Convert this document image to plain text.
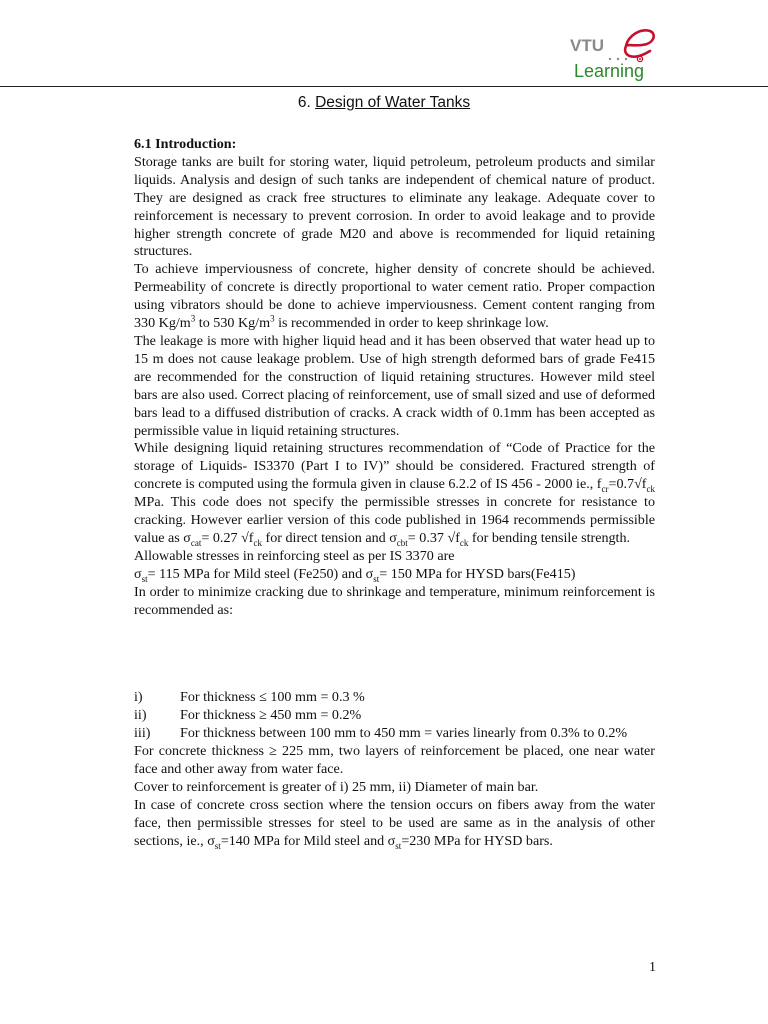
VTU
Learning
6. Design of Water Tanks

6.1 Introduction:

Storage tanks are built for storing water, liquid petroleum, petroleum products and similar liquids. Analysis and design of such tanks are independent of chemical nature of product. They are designed as crack free structures to eliminate any leakage. Adequate cover to reinforcement is necessary to prevent corrosion. In order to avoid leakage and to provide higher strength concrete of grade M20 and above is recommended for liquid retaining structures.

To achieve imperviousness of concrete, higher density of concrete should be achieved. Permeability of concrete is directly proportional to water cement ratio. Proper compaction using vibrators should be done to achieve imperviousness. Cement content ranging from 330 $Kg/m^3$ to 530 $Kg/m^3$ is recommended in order to keep shrinkage low.

The leakage is more with higher liquid head and it has been observed that water head up to 15 m does not cause leakage problem. Use of high strength deformed bars of grade Fe415 are recommended for the construction of liquid retaining structures. However mild steel bars are also used. Correct placing of reinforcement, use of small sized and use of deformed bars lead to a diffused distribution of cracks. A crack width of 0.1mm has been accepted as permissible value in liquid retaining structures.

While designing liquid retaining structures recommendation of “Code of Practice for the storage of Liquids- IS3370 (Part I to IV)” should be considered. Fractured strength of concrete is computed using the formula given in clause 6.2.2 of IS 456 - 2000 ie., $f_{cr}=0.7√f_{ck}$ MPa. This code does not specify the permissible stresses in concrete for resistance to cracking. However earlier version of this code published in 1964 recommends permissible value as $\sigma_{cat}= 0.27$ $√f_{ck}$ for direct tension and $\sigma_{cbt}= 0.37$ $√f_{ck}$ for bending tensile strength.

Allowable stresses in reinforcing steel as per IS 3370 are

$\sigma_{st}= 115$ MPa for Mild steel (Fe250) and $\sigma_{st}= 150$ MPa for HYSD bars(Fe415)

In order to minimize cracking due to shrinkage and temperature, minimum reinforcement is recommended as:

i)	For thickness ≤ 100 mm = 0.3 %
ii)	For thickness ≥ 450 mm = 0.2%
iii)	For thickness between 100 mm to 450 mm = varies linearly from 0.3% to 0.2%

For concrete thickness ≥ 225 mm, two layers of reinforcement be placed, one near water face and other away from water face.

Cover to reinforcement is greater of i) 25 mm, ii) Diameter of main bar.

In case of concrete cross section where the tension occurs on fibers away from the water face, then permissible stresses for steel to be used are same as in the analysis of other sections, ie., $\sigma_{st}=140$ MPa for Mild steel and $\sigma_{st}=230$ MPa for HYSD bars.

1
